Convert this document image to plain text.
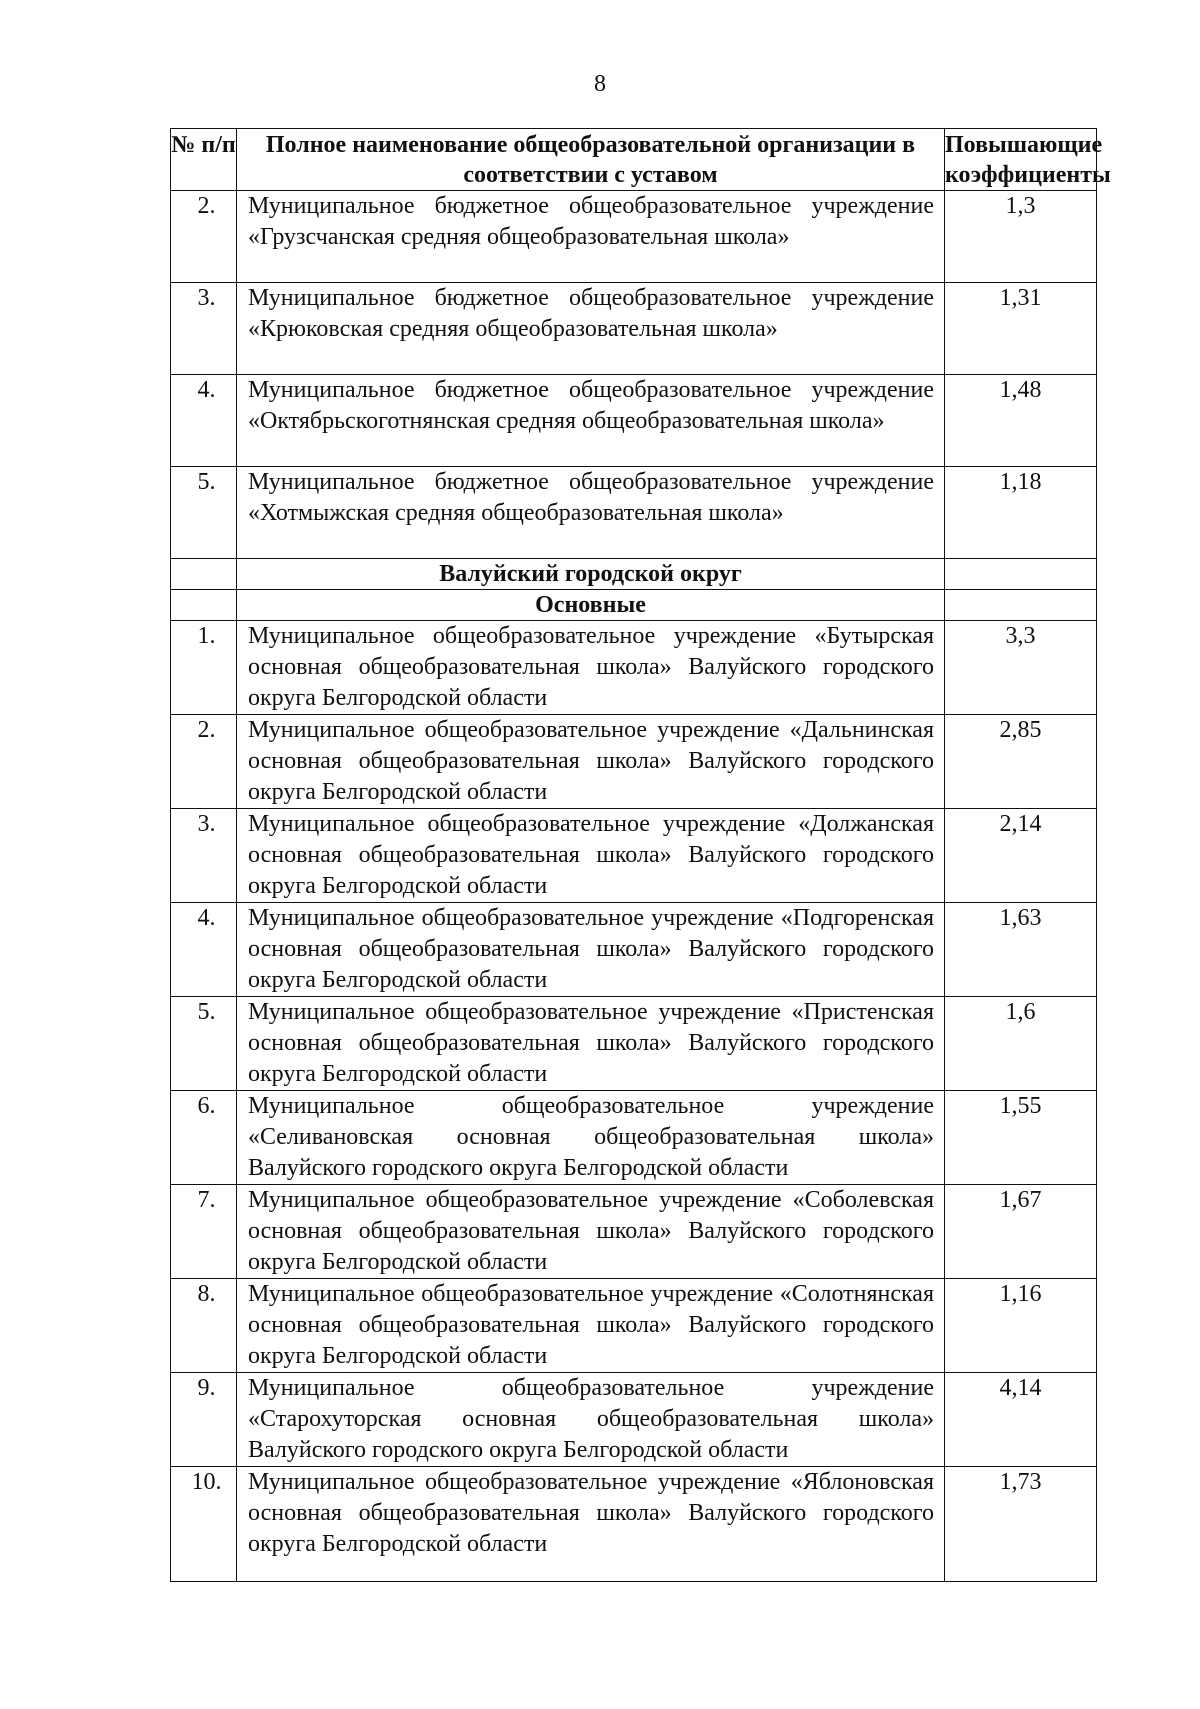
8
№ п/п	Полное наименование общеобразовательной организации в соответствии с уставом	Повышающие коэффициенты
2.	Муниципальное бюджетное общеобразовательное учреждение «Грузсчанская средняя общеобразовательная школа»	1,3
3.	Муниципальное бюджетное общеобразовательное учреждение «Крюковская средняя общеобразовательная школа»	1,31
4.	Муниципальное бюджетное общеобразовательное учреждение «Октябрьскоготнянская средняя общеобразовательная школа»	1,48
5.	Муниципальное бюджетное общеобразовательное учреждение «Хотмыжская средняя общеобразовательная школа»	1,18
	Валуйский городской округ	
	Основные	
1.	Муниципальное общеобразовательное учреждение «Бутырская основная общеобразовательная школа» Валуйского городского округа Белгородской области	3,3
2.	Муниципальное общеобразовательное учреждение «Дальнинская основная общеобразовательная школа» Валуйского городского округа Белгородской области	2,85
3.	Муниципальное общеобразовательное учреждение «Должанская основная общеобразовательная школа» Валуйского городского округа Белгородской области	2,14
4.	Муниципальное общеобразовательное учреждение «Подгоренская основная общеобразовательная школа» Валуйского городского округа Белгородской области	1,63
5.	Муниципальное общеобразовательное учреждение «Пристенская основная общеобразовательная школа» Валуйского городского округа Белгородской области	1,6
6.	Муниципальное общеобразовательное учреждение «Селивановская основная общеобразовательная школа» Валуйского городского округа Белгородской области	1,55
7.	Муниципальное общеобразовательное учреждение «Соболевская основная общеобразовательная школа» Валуйского городского округа Белгородской области	1,67
8.	Муниципальное общеобразовательное учреждение «Солотнянская основная общеобразовательная школа» Валуйского городского округа Белгородской области	1,16
9.	Муниципальное общеобразовательное учреждение «Старохуторская основная общеобразовательная школа» Валуйского городского округа Белгородской области	4,14
10.	Муниципальное общеобразовательное учреждение «Яблоновская основная общеобразовательная школа» Валуйского городского округа Белгородской области	1,73
